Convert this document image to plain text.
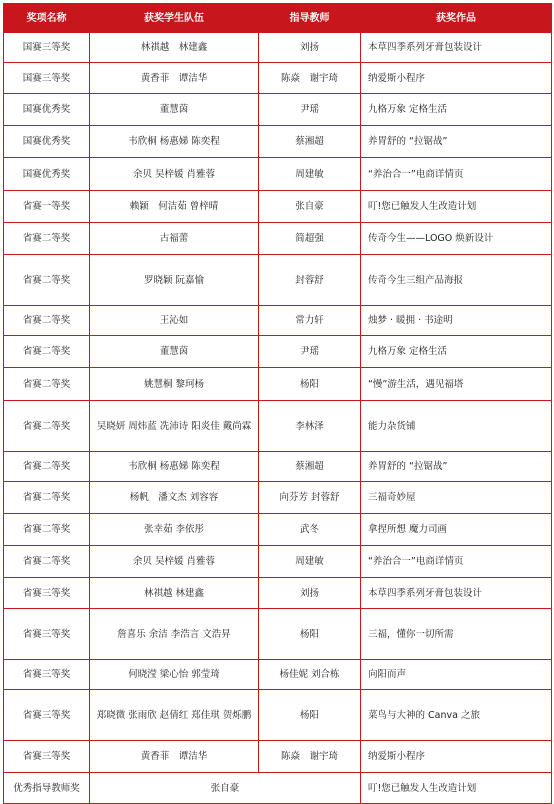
奖项名称	获奖学生队伍	指导教师	获奖作品
国赛三等奖	林祺越　林建鑫	刘扬	本草四季系列牙膏包装设计
国赛三等奖	黄香菲　谭洁华	陈焱　谢宇琦	纳爱斯小程序
国赛优秀奖	董慧茵	尹瑶	九格万象 定格生活
国赛优秀奖	韦欣桐 杨惠娣 陈奕程	蔡湘超	养胃舒的 “拉锯战”
国赛优秀奖	余贝 吴梓媛 肖雅蓉	周建敏	“养治合一”电商详情页
省赛一等奖	赖颖　何洁茹 曾梓晴	张自豪	叮!您已触发人生改造计划
省赛二等奖	古福蕾	简超强	传奇今生——LOGO 焕新设计
省赛二等奖	罗晓颖 阮嘉愉	封蓉舒	传奇今生三组产品海报
省赛二等奖	王沁如	常力轩	烛梦 · 暖拥 · 书途明
省赛二等奖	董慧茵	尹瑶	九格万象 定格生活
省赛二等奖	姚慧桐 黎珂杨	杨阳	“慢”游生活，遇见福塔
省赛二等奖	吴晓妍 周炜蓝 冼沛诗 阳炎佳 戴尚霖	李林泽	能力杂货铺
省赛二等奖	韦欣桐 杨惠娣 陈奕程	蔡湘超	养胃舒的 “拉锯战”
省赛二等奖	杨帆　潘文杰 刘容容	向芬芳 封蓉舒	三福奇妙屋
省赛二等奖	张幸茹 李依彤	武冬	拿捏所想 魔力司画
省赛二等奖	余贝 吴梓媛 肖雅蓉	周建敏	“养治合一”电商详情页
省赛三等奖	林祺越 林建鑫	刘扬	本草四季系列牙膏包装设计
省赛三等奖	詹喜乐 余洁 李浩言 文浩昇	杨阳	三福，懂你一切所需
省赛三等奖	何晓滢 梁心怡 郭莹琦	杨佳妮 刘合栋	向阳而声
省赛三等奖	郑晓微 张雨欣 赵倩红 郑佳琪 贺烁鹏	杨阳	菜鸟与大神的 Canva 之旅
省赛三等奖	黄香菲　谭洁华	陈焱　谢宇琦	纳爱斯小程序
优秀指导教师奖	张自豪		叮!您已触发人生改造计划
